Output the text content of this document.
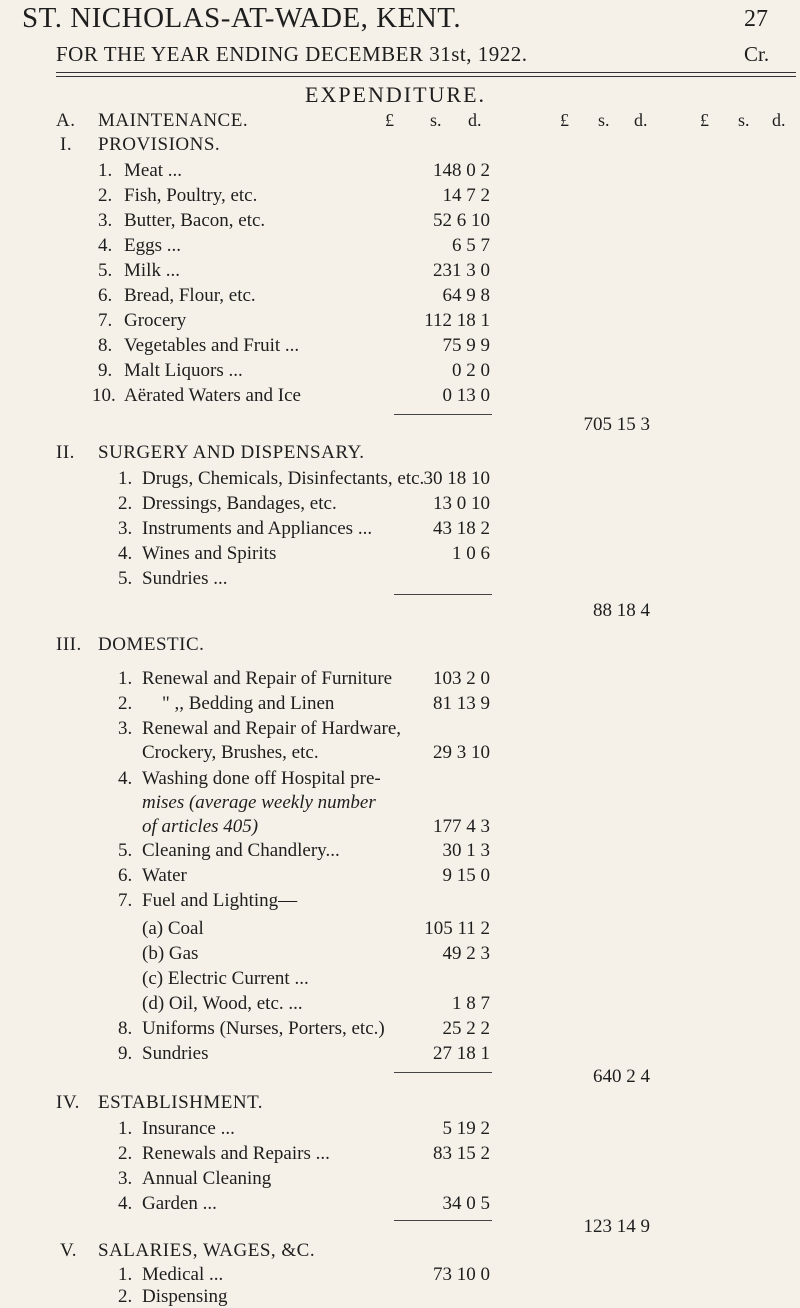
ST. NICHOLAS-AT-WADE, KENT.	27
FOR THE YEAR ENDING DECEMBER 31st, 1922.	Cr.
EXPENDITURE.
A. MAINTENANCE.	£ s. d.	£ s. d.	£ s. d.
I. PROVISIONS.
1. Meat ...	148 0 2
2. Fish, Poultry, etc.	14 7 2
3. Butter, Bacon, etc.	52 6 10
4. Eggs ...	6 5 7
5. Milk ...	231 3 0
6. Bread, Flour, etc.	64 9 8
7. Grocery	112 18 1
8. Vegetables and Fruit ...	75 9 9
9. Malt Liquors ...	0 2 0
10. Aërated Waters and Ice	0 13 0
705 15 3
II. SURGERY AND DISPENSARY.
1. Drugs, Chemicals, Disinfectants, etc. 30 18 10
2. Dressings, Bandages, etc.	13 0 10
3. Instruments and Appliances ...	43 18 2
4. Wines and Spirits	1 0 6
5. Sundries ...
88 18 4
III. DOMESTIC.
1. Renewal and Repair of Furniture	103 2 0
2. " ,, Bedding and Linen	81 13 9
3. Renewal and Repair of Hardware,
Crockery, Brushes, etc.	29 3 10
4. Washing done off Hospital pre-
mises (average weekly number
of articles 405)	177 4 3
5. Cleaning and Chandlery...	30 1 3
6. Water	9 15 0
7. Fuel and Lighting—
(a) Coal	105 11 2
(b) Gas	49 2 3
(c) Electric Current ...
(d) Oil, Wood, etc. ...	1 8 7
8. Uniforms (Nurses, Porters, etc.)	25 2 2
9. Sundries	27 18 1
640 2 4
IV. ESTABLISHMENT.
1. Insurance ...	5 19 2
2. Renewals and Repairs ...	83 15 2
3. Annual Cleaning
4. Garden ...	34 0 5
123 14 9
V. SALARIES, WAGES, &C.
1. Medical ...	73 10 0
2. Dispensing
